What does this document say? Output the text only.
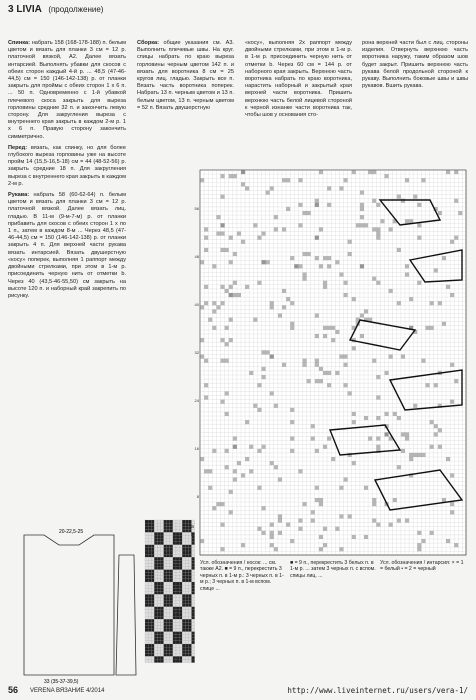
3 LIVIA (продолжение)

Спинка: набрать 158 (168-178-188) п. белым цветом и вязать для планки 3 см = 12 р. платочной вязкой, А2. Далее вязать интарсией. Выполнять убавки для скосов с обеих сторон каждый 4-й р. ... 48,5 (47-46-44,5) см = 150 (146-142-138) р. от планки закрыть для проймы с обеих сторон 1 х 6 п. ... 50 п. Одновременно с 1-й убавкой плечевого скоса закрыть для выреза горловины средние 32 п. и закончить левую сторону. Для закругления выреза с внутреннего края закрыть в каждом 2-м р. 1 х 6 п. Правую сторону закончить симметрично.

Перед: вязать, как спинку, но для более глубокого выреза горловины уже на высоте пройм 14 (15,5-16,5-18) см = 44 (48-52-56) р. закрыть средние 18 п. Для закругления выреза с внутреннего края закрыть в каждом 2-м р.

Рукава: набрать 58 (60-62-64) п. белым цветом и вязать для планки 3 см = 12 р. платочной вязкой. Далее вязать лиц. гладью. В 11-м (9-м-7-м) р. от планки прибавить для скосов с обеих сторон 1 х по 1 п., затем в каждом 8-м ... Через 48,5 (47-46-44,5) см = 150 (146-142-138) р. от планки закрыть 4 п. Для верхней части рукава вязать интарсией. Вязать двушерстную «косу» поперек, выполняя 1 раппорт между двойными стрелками, при этом в 1-м р. присоединить черную нить от отметки b. Через 40 (43,5-46-55,50) см закрыть на высоте 120 п. и наборный край закрепить по рисунку.

Сборка: общие указания см. А3. Выполнить плечевые швы. На круг. спицы набрать по краю выреза горловины черным цветом 142 п. и вязать для воротника 8 см = 25 кругов лиц. гладью. Закрыть все п. Вязать часть воротника поперек. Набрать 13 п. черным цветом и 13 п. белым цветом, 13 п. черным цветом = 52 п. Вязать двушерстную

«косу», выполняя 2х раппорт между двойными стрелками, при этом в 1-м р. в 1-м р. присоединить черную нить от отметки b. Через 60 см = 144 р. от наборного края закрыть. Верхнюю часть воротника набрать по краю воротника, нарастить наборный и закрытый края верхней части воротника. Пришить верхнюю часть белой лицевой стороной к черной изнанке части воротника так, чтобы шов у основания сто-

рона верхней части был с лиц. стороны изделия. Отвернуть верхнюю часть воротника наружу, таким образом шов будет закрыт. Пришить верхнюю часть рукава белой продольной стороной к рукаву. Выполнить боковые швы и швы рукавов. Вшить рукава.

56
48
40
32
24
16
8
a
b
20-22,5-25
33 (35-37-39,5)
Усл. обозначения / ноcок: ... см. также А2. ■ = 9 п., перекрестить 3 черных п. в 1-м р.: 3 черных п. в 1-м р.; 3 черных п. в 1-м вспом. спице ...
■ = 9 п., перекрестить 3 белых п. в 1-м р. ... затем 3 черных п. с вспом. спицы лиц. ...
Усл. обозначения / интарсия: × = 1 = белый • = 2 = черный
56 VERENA ВЯЗАНИЕ 4/2014	http://www.liveinternet.ru/users/vera-1/
